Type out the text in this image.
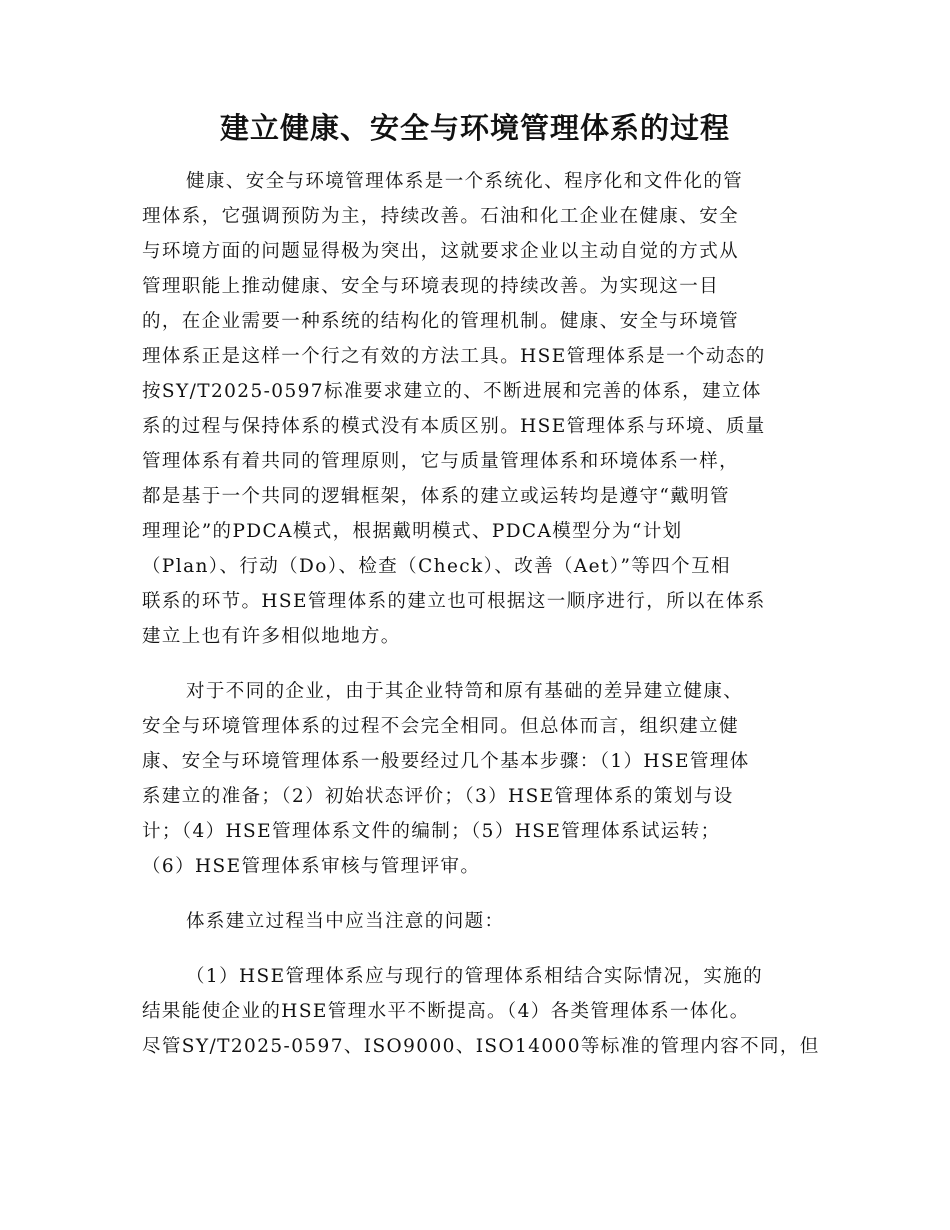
建立健康、安全与环境管理体系的过程
健康、安全与环境管理体系是一个系统化、程序化和文件化的管
理体系，它强调预防为主，持续改善。石油和化工企业在健康、安全
与环境方面的问题显得极为突出，这就要求企业以主动自觉的方式从
管理职能上推动健康、安全与环境表现的持续改善。为实现这一目
的，在企业需要一种系统的结构化的管理机制。健康、安全与环境管
理体系正是这样一个行之有效的方法工具。HSE管理体系是一个动态的
按SY/T2025-0597标准要求建立的、不断进展和完善的体系，建立体
系的过程与保持体系的模式没有本质区别。HSE管理体系与环境、质量
管理体系有着共同的管理原则，它与质量管理体系和环境体系一样，
都是基于一个共同的逻辑框架，体系的建立或运转均是遵守“戴明管
理理论”的PDCA模式，根据戴明模式、PDCA模型分为“计划
（Plan）、行动（Do）、检查（Check）、改善（Aet）”等四个互相
联系的环节。HSE管理体系的建立也可根据这一顺序进行，所以在体系
建立上也有许多相似地地方。
对于不同的企业，由于其企业特笥和原有基础的差异建立健康、
安全与环境管理体系的过程不会完全相同。但总体而言，组织建立健
康、安全与环境管理体系一般要经过几个基本步骤：（1）HSE管理体
系建立的准备；（2）初始状态评价；（3）HSE管理体系的策划与设
计；（4）HSE管理体系文件的编制；（5）HSE管理体系试运转；
（6）HSE管理体系审核与管理评审。
体系建立过程当中应当注意的问题：
（1）HSE管理体系应与现行的管理体系相结合实际情况，实施的
结果能使企业的HSE管理水平不断提高。（4）各类管理体系一体化。
尽管SY/T2025-0597、ISO9000、ISO14000等标准的管理内容不同，但
